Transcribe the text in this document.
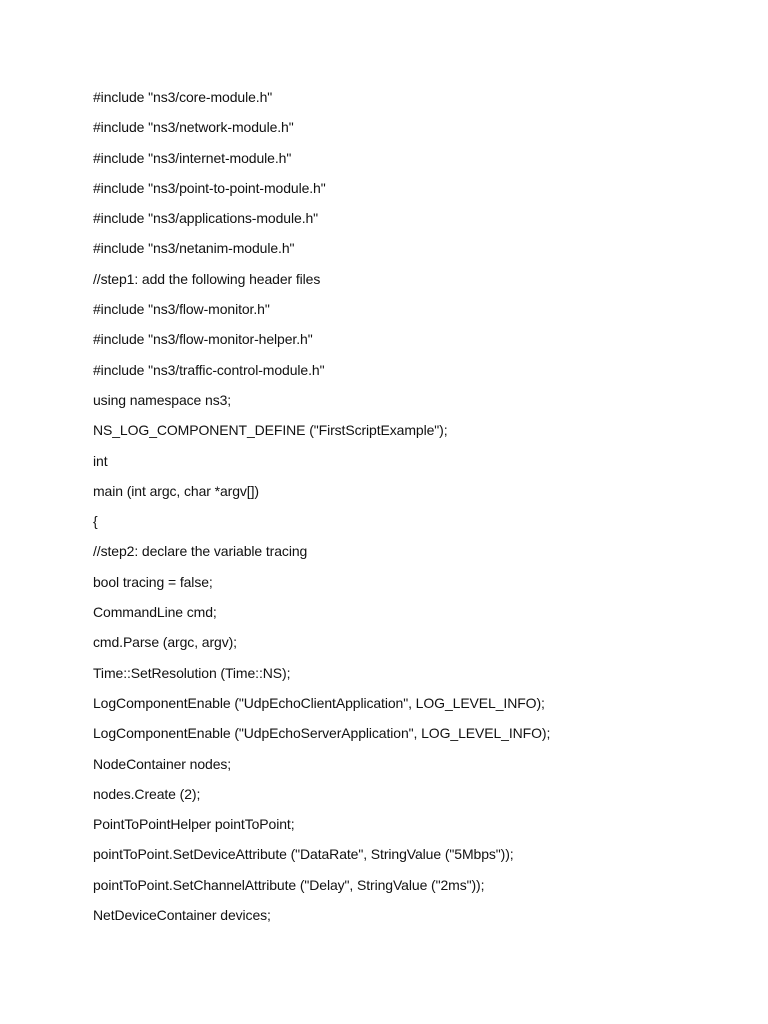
#include "ns3/core-module.h"
#include "ns3/network-module.h"
#include "ns3/internet-module.h"
#include "ns3/point-to-point-module.h"
#include "ns3/applications-module.h"
#include "ns3/netanim-module.h"
//step1: add the following header files
#include "ns3/flow-monitor.h"
#include "ns3/flow-monitor-helper.h"
#include "ns3/traffic-control-module.h"
using namespace ns3;
NS_LOG_COMPONENT_DEFINE ("FirstScriptExample");
int
main (int argc, char *argv[])
{
//step2: declare the variable tracing
bool tracing = false;
CommandLine cmd;
cmd.Parse (argc, argv);
Time::SetResolution (Time::NS);
LogComponentEnable ("UdpEchoClientApplication", LOG_LEVEL_INFO);
LogComponentEnable ("UdpEchoServerApplication", LOG_LEVEL_INFO);
NodeContainer nodes;
nodes.Create (2);
PointToPointHelper pointToPoint;
pointToPoint.SetDeviceAttribute ("DataRate", StringValue ("5Mbps"));
pointToPoint.SetChannelAttribute ("Delay", StringValue ("2ms"));
NetDeviceContainer devices;
